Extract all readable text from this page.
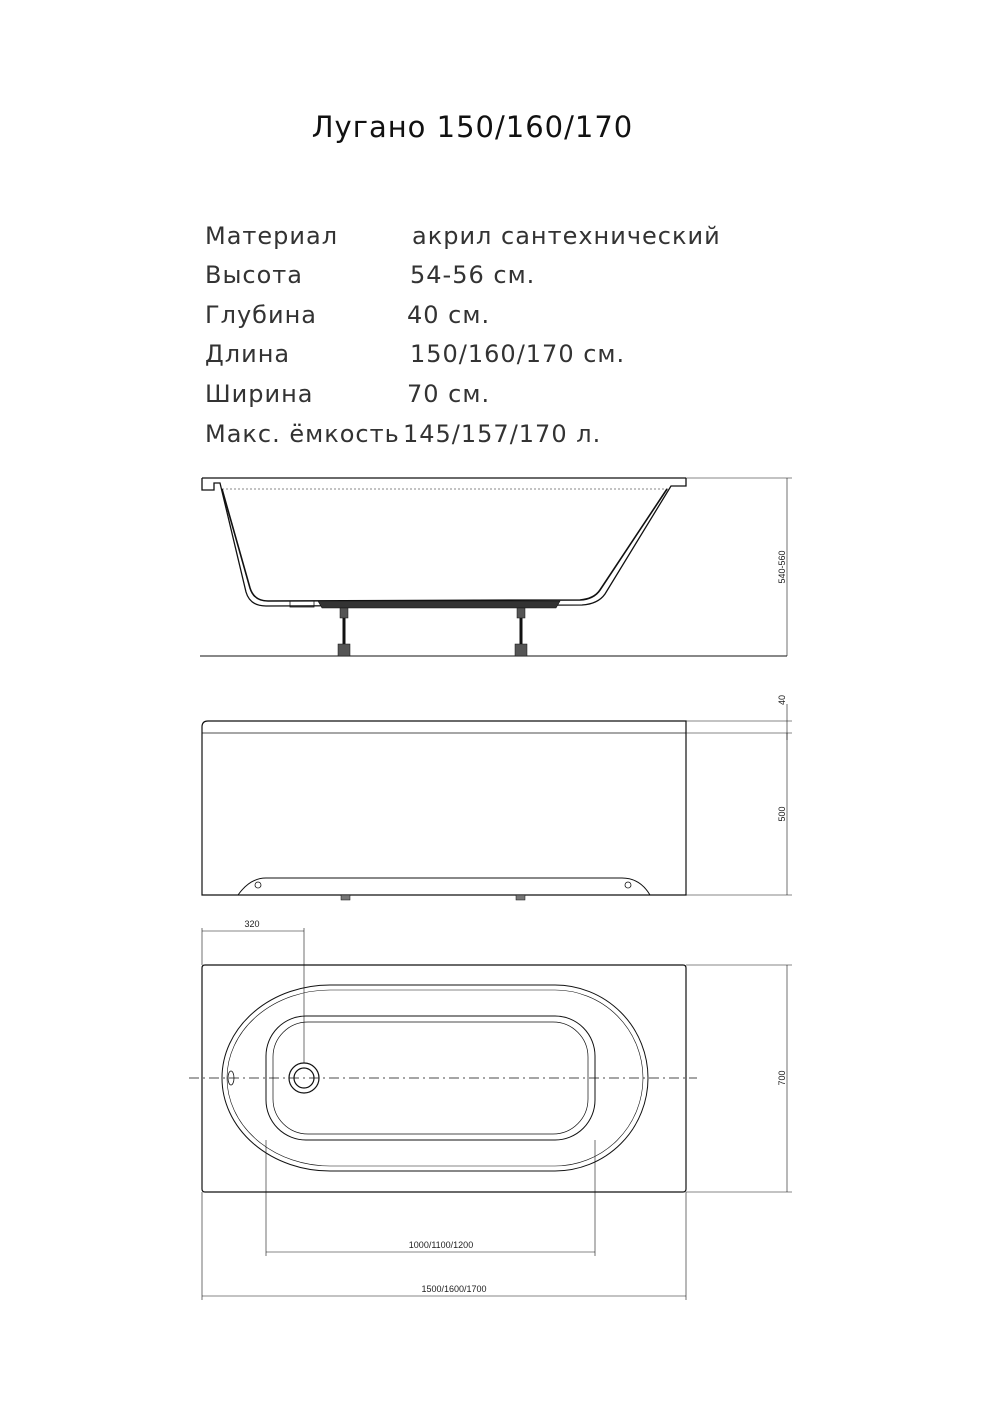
Лугано 150/160/170
Материал	акрил сантехнический
Высота	54-56 см.
Глубина	40 см.
Длина	150/160/170 см.
Ширина	70 см.
Макс. ёмкость 145/157/170 л.
540-560
40
500
320
700
1000/1100/1200
1500/1600/1700
